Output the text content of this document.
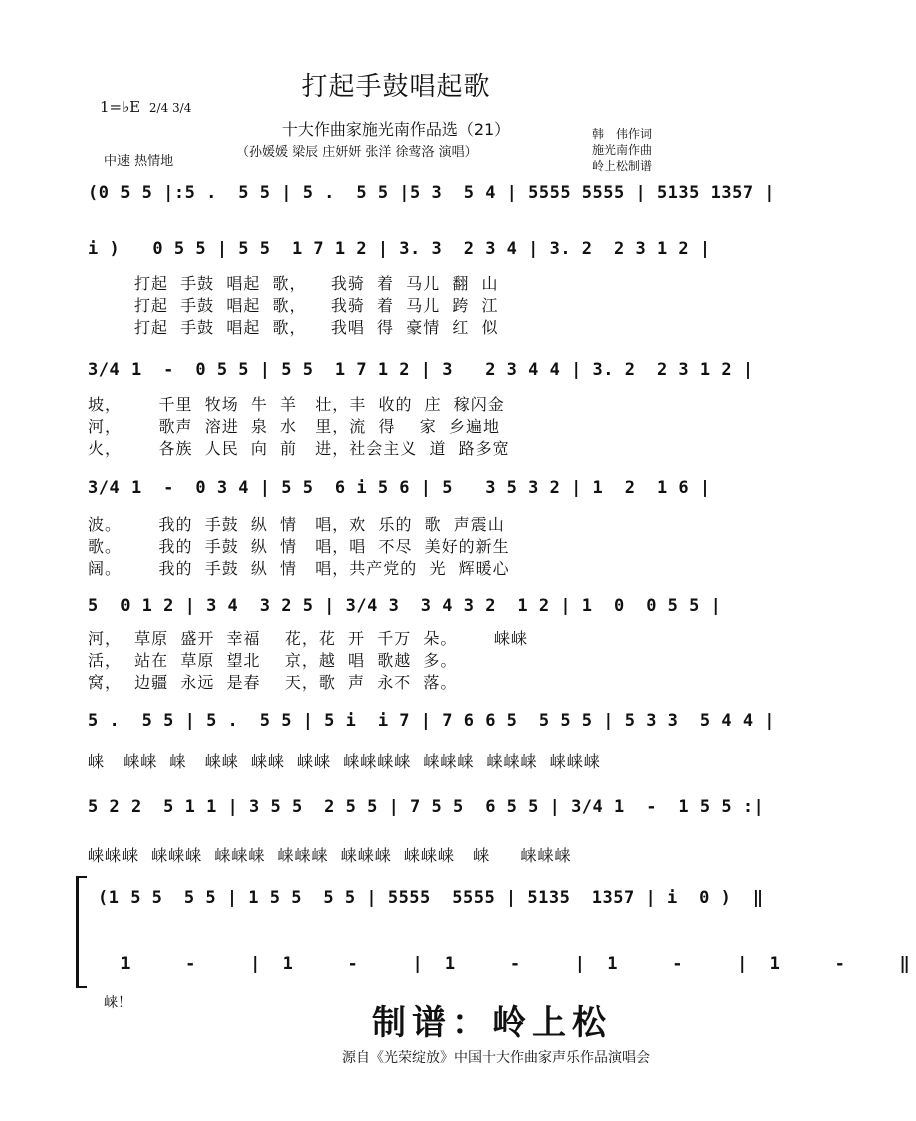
打起手鼓唱起歌
1=♭E 2/4 3/4
十大作曲家施光南作品选（21）
（孙媛媛 梁辰 庄妍妍 张洋 徐莺洛 演唱）
中速 热情地
韩　伟作词
施光南作曲
岭上松制谱
(0 5 5 |:5 .  5 5 | 5 .  5 5 |5 3  5 4 | 5555 5555 | 5135 1357 |
i )   0 5 5 | 5 5  1 7 1 2 | 3. 3  2 3 4 | 3. 2  2 3 1 2 |
打起  手鼓  唱起  歌，    我骑  着  马儿  翻  山
打起  手鼓  唱起  歌，    我骑  着  马儿  跨  江
打起  手鼓  唱起  歌，    我唱  得  豪情  红  似
3/4 1  -  0 5 5 | 5 5  1 7 1 2 | 3   2 3 4 4 | 3. 2  2 3 1 2 |
坡，      千里  牧场  牛  羊   壮，丰  收的  庄  稼闪金
河，      歌声  溶进  泉  水   里，流  得    家  乡遍地
火，      各族  人民  向  前   进，社会主义  道  路多宽
3/4 1  -  0 3 4 | 5 5  6 i 5 6 | 5   3 5 3 2 | 1  2  1 6 |
波。      我的  手鼓  纵  情   唱，欢  乐的  歌  声震山
歌。      我的  手鼓  纵  情   唱，唱  不尽  美好的新生
阔。      我的  手鼓  纵  情   唱，共产党的  光  辉暖心
5  0 1 2 | 3 4  3 2 5 | 3/4 3  3 4 3 2  1 2 | 1  0  0 5 5 |
河，  草原  盛开  幸福    花，花  开  千万  朵。      崃崃
活，  站在  草原  望北    京，越  唱  歌越  多。
窝，  边疆  永远  是春    天，歌  声  永不  落。
5 .  5 5 | 5 .  5 5 | 5 i  i 7 | 7 6 6 5  5 5 5 | 5 3 3  5 4 4 |
崃   崃崃  崃   崃崃  崃崃  崃崃  崃崃崃崃  崃崃崃  崃崃崃  崃崃崃
5 2 2  5 1 1 | 3 5 5  2 5 5 | 7 5 5  6 5 5 | 3/4 1  -  1 5 5 :|
崃崃崃  崃崃崃  崃崃崃  崃崃崃  崃崃崃  崃崃崃   崃     崃崃崃
(1 5 5  5 5 | 1 5 5  5 5 | 5555  5555 | 5135  1357 | i  0 )  ‖
1   -   | 1   -   | 1   -   | 1   -   | 1   -   ‖
崃！	制谱：岭上松
源自《光荣绽放》中国十大作曲家声乐作品演唱会
